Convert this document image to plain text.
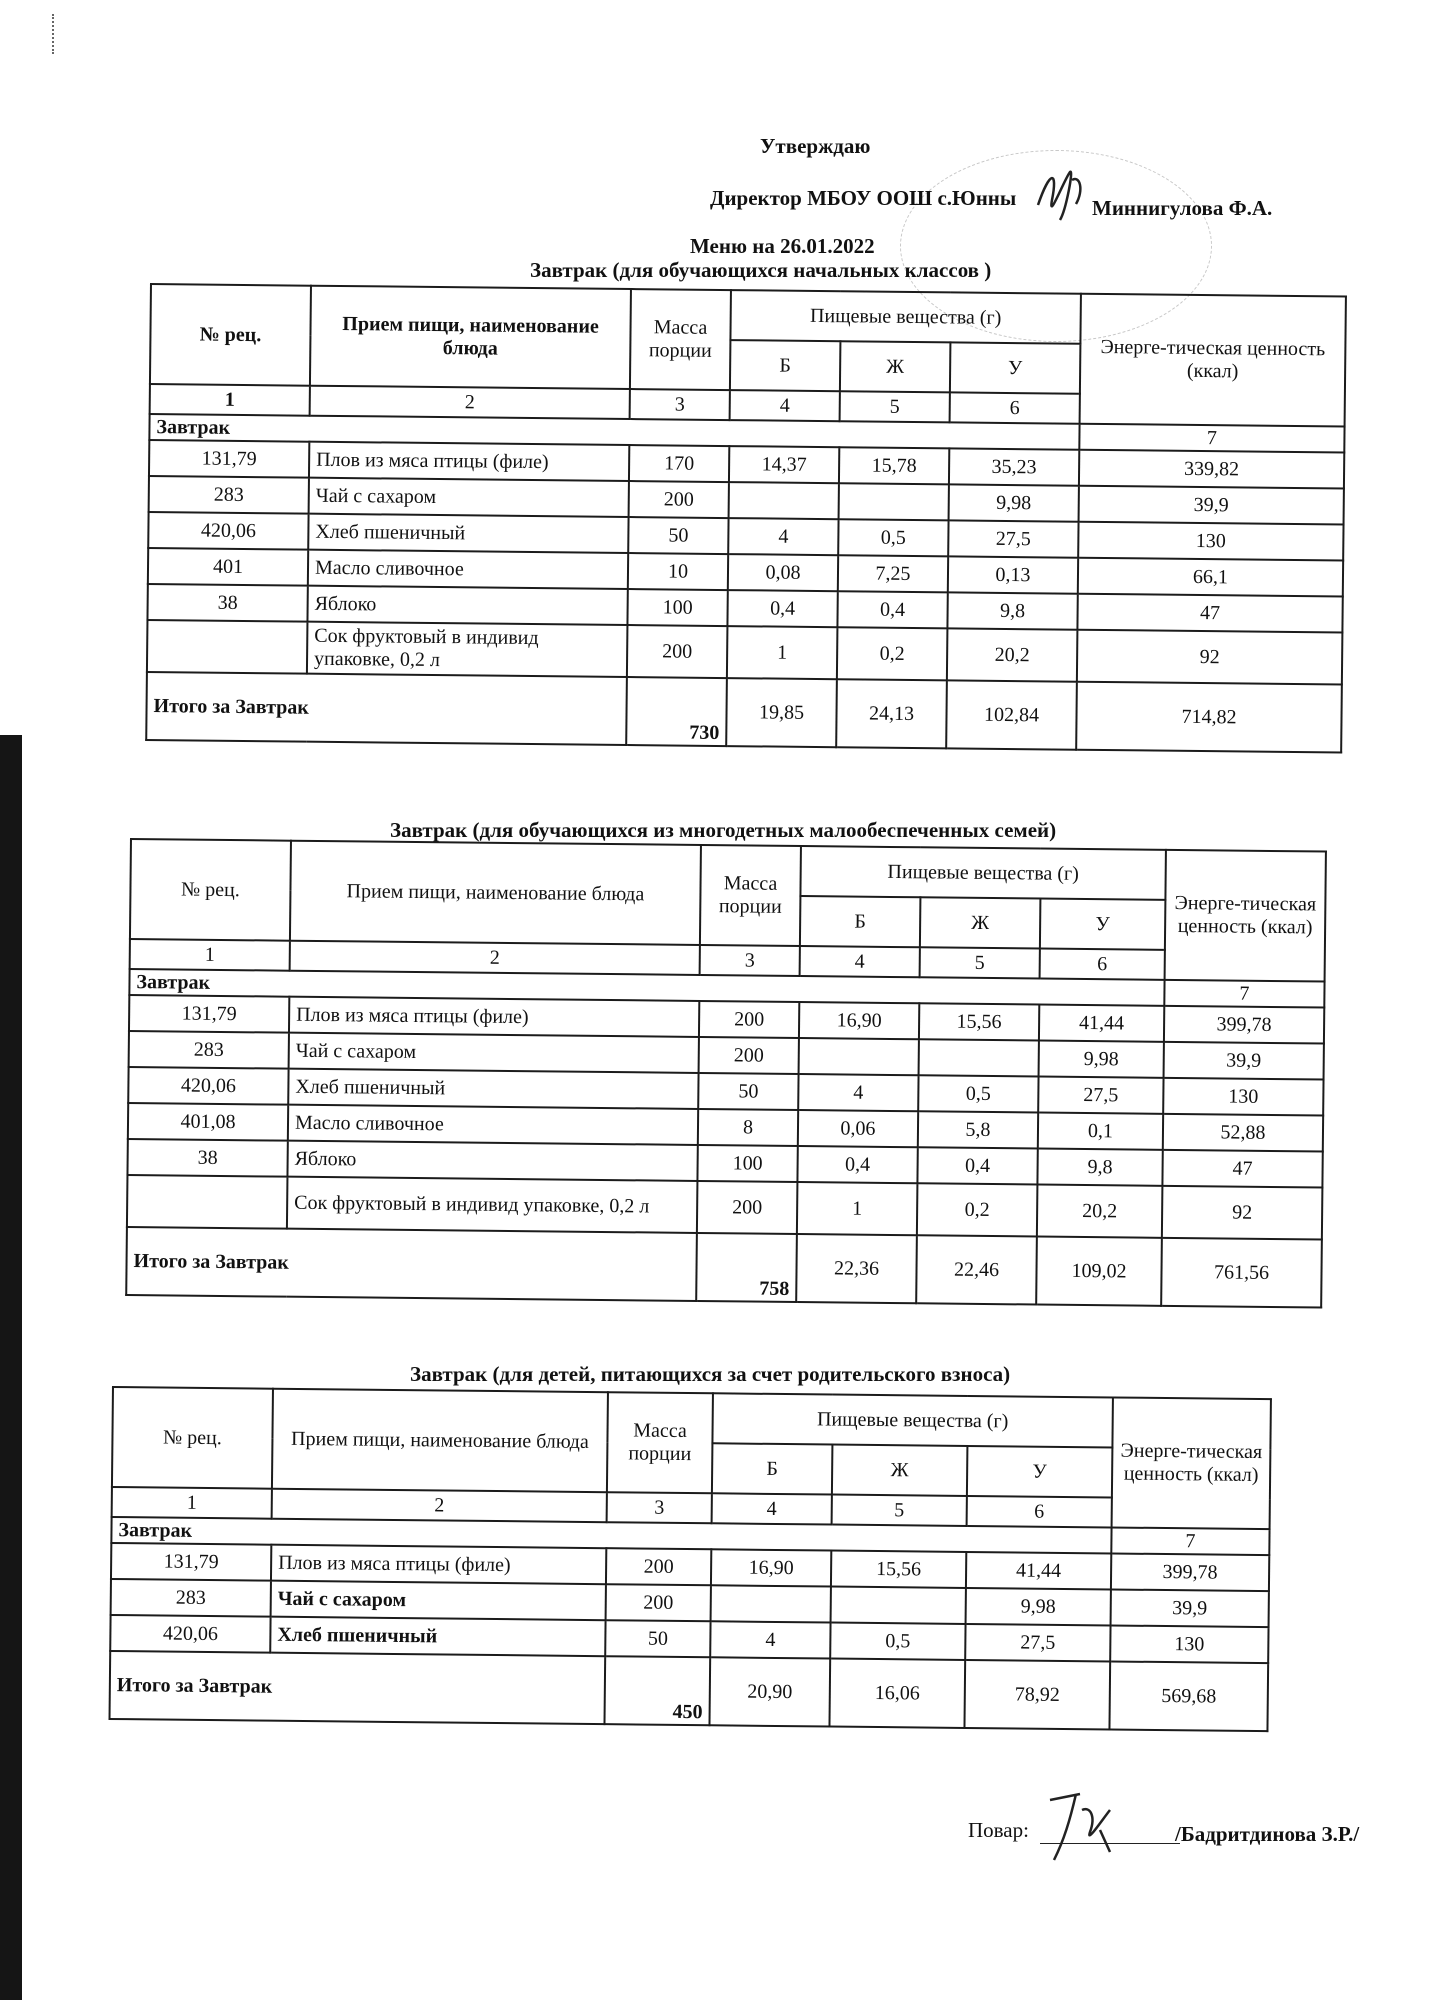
Утверждаю
Директор МБОУ ООШ с.Юнны	Миннигулова Ф.А.
Меню на 26.01.2022
Завтрак (для обучающихся начальных классов )
№ рец.	Прием пищи, наименование блюда	Масса порции	Пищевые вещества (г)			Энерге-тическая ценность (ккал)
			Б	Ж	У	
1	2	3	4	5	6	
Завтрак						7
131,79	Плов из мяса птицы (филе)	170	14,37	15,78	35,23	339,82
283	Чай с сахаром	200			9,98	39,9
420,06	Хлеб пшеничный	50	4	0,5	27,5	130
401	Масло сливочное	10	0,08	7,25	0,13	66,1
38	Яблоко	100	0,4	0,4	9,8	47
	Сок фруктовый в индивид упаковке, 0,2 л	200	1	0,2	20,2	92
Итого за Завтрак		730	19,85	24,13	102,84	714,82
Завтрак (для обучающихся из многодетных малообеспеченных семей)
№ рец.	Прием пищи, наименование блюда	Масса порции	Пищевые вещества (г)			Энерге-тическая ценность (ккал)
			Б	Ж	У	
1	2	3	4	5	6	
Завтрак						7
131,79	Плов из мяса птицы (филе)	200	16,90	15,56	41,44	399,78
283	Чай с сахаром	200			9,98	39,9
420,06	Хлеб пшеничный	50	4	0,5	27,5	130
401,08	Масло сливочное	8	0,06	5,8	0,1	52,88
38	Яблоко	100	0,4	0,4	9,8	47
	Сок фруктовый в индивид упаковке, 0,2 л	200	1	0,2	20,2	92
Итого за Завтрак		758	22,36	22,46	109,02	761,56
Завтрак (для детей, питающихся за счет родительского взноса)
№ рец.	Прием пищи, наименование блюда	Масса порции	Пищевые вещества (г)			Энерге-тическая ценность (ккал)
			Б	Ж	У	
1	2	3	4	5	6	
Завтрак						7
131,79	Плов из мяса птицы (филе)	200	16,90	15,56	41,44	399,78
283	Чай с сахаром	200			9,98	39,9
420,06	Хлеб пшеничный	50	4	0,5	27,5	130
Итого за Завтрак		450	20,90	16,06	78,92	569,68
Повар:	/Бадритдинова З.Р./
